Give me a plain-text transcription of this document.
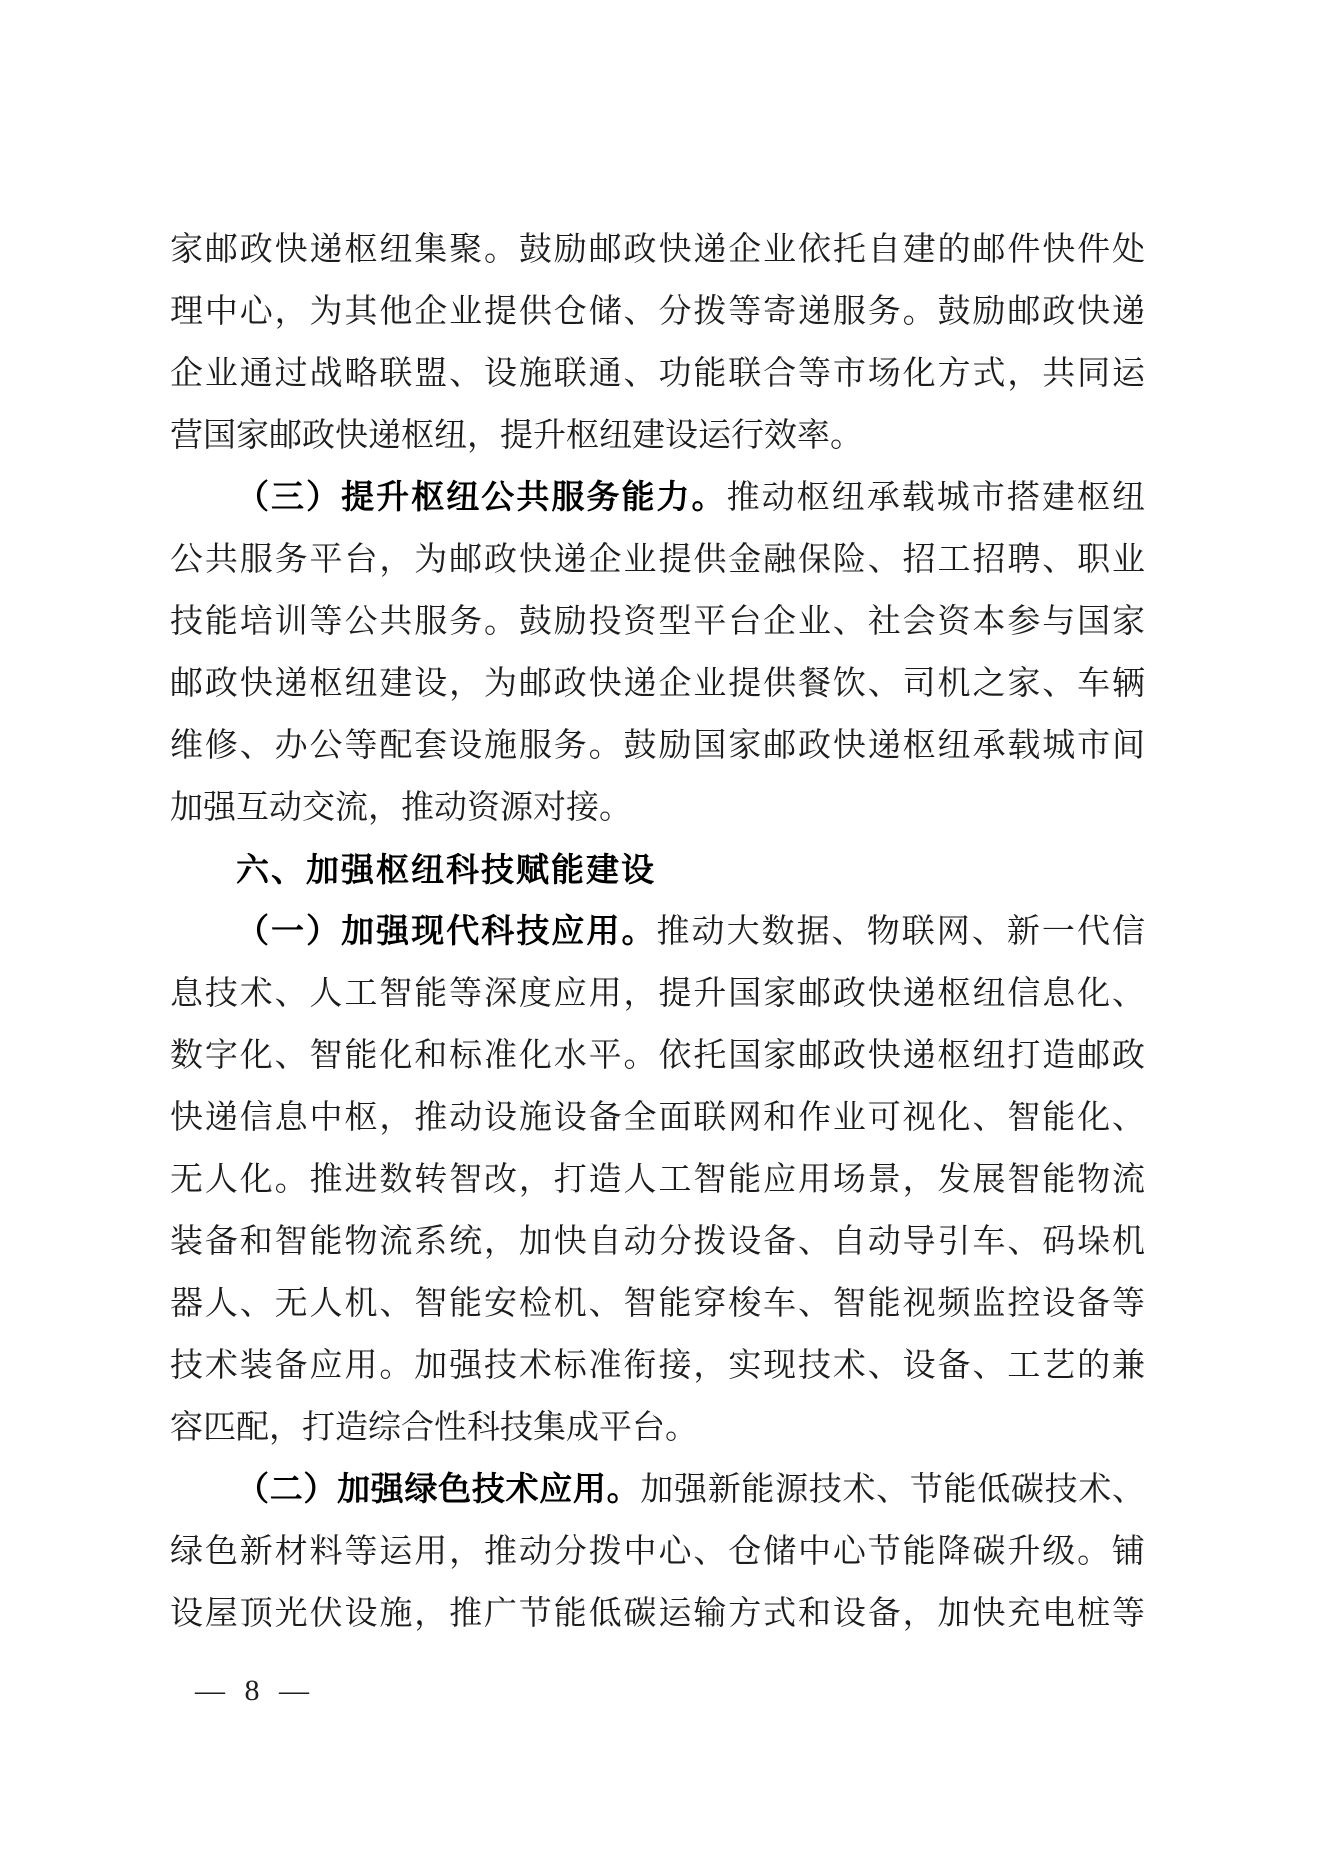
家邮政快递枢纽集聚。鼓励邮政快递企业依托自建的邮件快件处
理中心，为其他企业提供仓储、分拨等寄递服务。鼓励邮政快递
企业通过战略联盟、设施联通、功能联合等市场化方式，共同运
营国家邮政快递枢纽，提升枢纽建设运行效率。
（三）提升枢纽公共服务能力。推动枢纽承载城市搭建枢纽
公共服务平台，为邮政快递企业提供金融保险、招工招聘、职业
技能培训等公共服务。鼓励投资型平台企业、社会资本参与国家
邮政快递枢纽建设，为邮政快递企业提供餐饮、司机之家、车辆
维修、办公等配套设施服务。鼓励国家邮政快递枢纽承载城市间
加强互动交流，推动资源对接。
六、加强枢纽科技赋能建设
（一）加强现代科技应用。推动大数据、物联网、新一代信
息技术、人工智能等深度应用，提升国家邮政快递枢纽信息化、
数字化、智能化和标准化水平。依托国家邮政快递枢纽打造邮政
快递信息中枢，推动设施设备全面联网和作业可视化、智能化、
无人化。推进数转智改，打造人工智能应用场景，发展智能物流
装备和智能物流系统，加快自动分拨设备、自动导引车、码垛机
器人、无人机、智能安检机、智能穿梭车、智能视频监控设备等
技术装备应用。加强技术标准衔接，实现技术、设备、工艺的兼
容匹配，打造综合性科技集成平台。
（二）加强绿色技术应用。加强新能源技术、节能低碳技术、
绿色新材料等运用，推动分拨中心、仓储中心节能降碳升级。铺
设屋顶光伏设施，推广节能低碳运输方式和设备，加快充电桩等
— 8 —
